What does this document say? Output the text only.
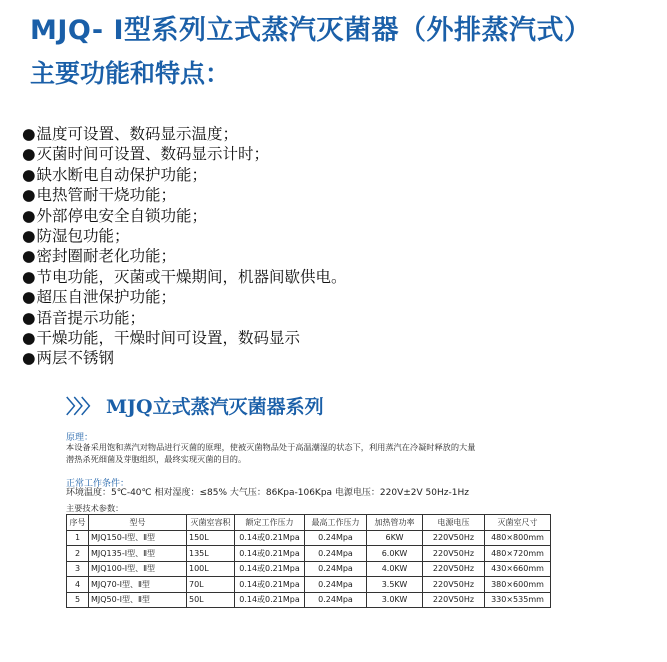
MJQ- Ⅰ型系列立式蒸汽灭菌器（外排蒸汽式）
主要功能和特点：
● 温度可设置、数码显示温度；
● 灭菌时间可设置、数码显示计时；
● 缺水断电自动保护功能；
● 电热管耐干烧功能；
● 外部停电安全自锁功能；
● 防湿包功能；
● 密封圈耐老化功能；
● 节电功能，灭菌或干燥期间，机器间歇供电。
● 超压自泄保护功能；
● 语音提示功能；
● 干燥功能，干燥时间可设置，数码显示
● 两层不锈钢
〉〉〉 MJQ立式蒸汽灭菌器系列
原理：
本设备采用饱和蒸汽对物品进行灭菌的原理，使被灭菌物品处于高温潮湿的状态下，利用蒸汽在冷凝时释放的大量
潜热杀死细菌及芽胞组织，最终实现灭菌的目的。
正常工作条件：
环境温度：5℃-40℃ 相对湿度：≤85% 大气压：86Kpa-106Kpa 电源电压：220V±2V 50Hz-1Hz
主要技术参数：
序号	型号	灭菌室容积	额定工作压力	最高工作压力	加热管功率	电源电压	灭菌室尺寸
1	MJQ150-Ⅰ型、Ⅱ型	150L	0.14或0.21Mpa	0.24Mpa	6KW	220V50Hz	480×800mm
2	MJQ135-Ⅰ型、Ⅱ型	135L	0.14或0.21Mpa	0.24Mpa	6.0KW	220V50Hz	480×720mm
3	MJQ100-Ⅰ型、Ⅱ型	100L	0.14或0.21Mpa	0.24Mpa	4.0KW	220V50Hz	430×660mm
4	MJQ70-Ⅰ型、Ⅱ型	70L	0.14或0.21Mpa	0.24Mpa	3.5KW	220V50Hz	380×600mm
5	MJQ50-Ⅰ型、Ⅱ型	50L	0.14或0.21Mpa	0.24Mpa	3.0KW	220V50Hz	330×535mm
